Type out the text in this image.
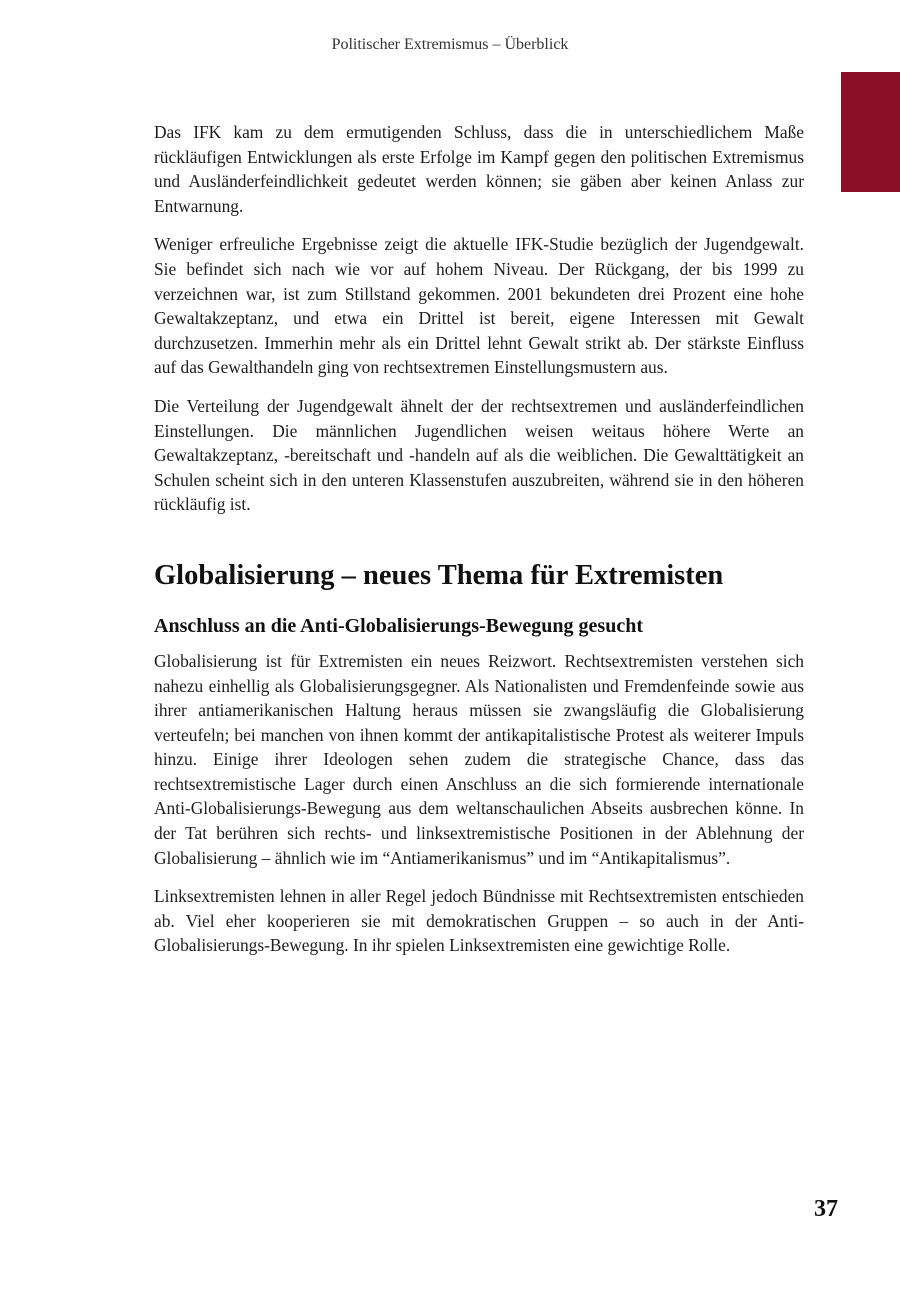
Politischer Extremismus – Überblick

Das IFK kam zu dem ermutigenden Schluss, dass die in unterschiedlichem Maße rückläufigen Entwicklungen als erste Erfolge im Kampf gegen den politischen Extremismus und Ausländerfeindlichkeit gedeutet werden können; sie gäben aber keinen Anlass zur Entwarnung.

Weniger erfreuliche Ergebnisse zeigt die aktuelle IFK-Studie bezüglich der Jugendgewalt. Sie befindet sich nach wie vor auf hohem Niveau. Der Rückgang, der bis 1999 zu verzeichnen war, ist zum Stillstand gekommen. 2001 bekundeten drei Prozent eine hohe Gewaltakzeptanz, und etwa ein Drittel ist bereit, eigene Interessen mit Gewalt durchzusetzen. Immerhin mehr als ein Drittel lehnt Gewalt strikt ab. Der stärkste Einfluss auf das Gewalthandeln ging von rechtsextremen Einstellungsmustern aus.

Die Verteilung der Jugendgewalt ähnelt der der rechtsextremen und ausländerfeindlichen Einstellungen. Die männlichen Jugendlichen weisen weitaus höhere Werte an Gewaltakzeptanz, -bereitschaft und -handeln auf als die weiblichen. Die Gewalttätigkeit an Schulen scheint sich in den unteren Klassenstufen auszubreiten, während sie in den höheren rückläufig ist.

Globalisierung – neues Thema für Extremisten
Anschluss an die Anti-Globalisierungs-Bewegung gesucht

Globalisierung ist für Extremisten ein neues Reizwort. Rechtsextremisten verstehen sich nahezu einhellig als Globalisierungsgegner. Als Nationalisten und Fremdenfeinde sowie aus ihrer antiamerikanischen Haltung heraus müssen sie zwangsläufig die Globalisierung verteufeln; bei manchen von ihnen kommt der antikapitalistische Protest als weiterer Impuls hinzu. Einige ihrer Ideologen sehen zudem die strategische Chance, dass das rechtsextremistische Lager durch einen Anschluss an die sich formierende internationale Anti-Globalisierungs-Bewegung aus dem weltanschaulichen Abseits ausbrechen könne. In der Tat berühren sich rechts- und linksextremistische Positionen in der Ablehnung der Globalisierung – ähnlich wie im “Antiamerikanismus” und im “Antikapitalismus”.

Linksextremisten lehnen in aller Regel jedoch Bündnisse mit Rechtsextremisten entschieden ab. Viel eher kooperieren sie mit demokratischen Gruppen – so auch in der Anti-Globalisierungs-Bewegung. In ihr spielen Linksextremisten eine gewichtige Rolle.

37
